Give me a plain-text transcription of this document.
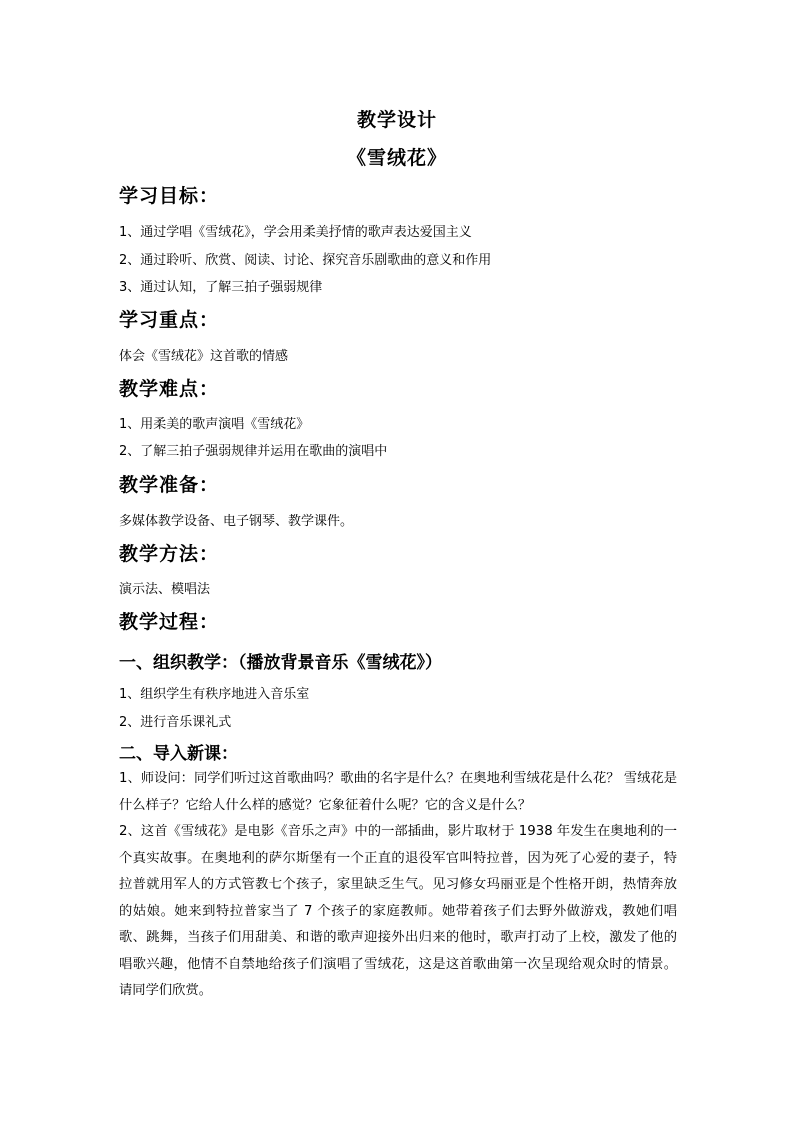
教学设计
《雪绒花》
学习目标：
1、通过学唱《雪绒花》，学会用柔美抒情的歌声表达爱国主义
2、通过聆听、欣赏、阅读、讨论、探究音乐剧歌曲的意义和作用
3、通过认知，了解三拍子强弱规律
学习重点：
体会《雪绒花》这首歌的情感
教学难点：
1、用柔美的歌声演唱《雪绒花》
2、了解三拍子强弱规律并运用在歌曲的演唱中
教学准备：
多媒体教学设备、电子钢琴、教学课件。
教学方法：
演示法、模唱法
教学过程：
一、组织教学：（播放背景音乐《雪绒花》）
1、组织学生有秩序地进入音乐室
2、进行音乐课礼式
二、导入新课：

1、师设问：同学们听过这首歌曲吗？歌曲的名字是什么？在奥地利雪绒花是什么花？ 雪绒花是什么样子？它给人什么样的感觉？它象征着什么呢？它的含义是什么？

2、这首《雪绒花》是电影《音乐之声》中的一部插曲，影片取材于 1938 年发生在奥地利的一个真实故事。在奥地利的萨尔斯堡有一个正直的退役军官叫特拉普，因为死了心爱的妻子，特拉普就用军人的方式管教七个孩子，家里缺乏生气。见习修女玛丽亚是个性格开朗，热情奔放的姑娘。她来到特拉普家当了 7 个孩子的家庭教师。她带着孩子们去野外做游戏，教她们唱歌、跳舞，当孩子们用甜美、和谐的歌声迎接外出归来的他时，歌声打动了上校，激发了他的唱歌兴趣，他情不自禁地给孩子们演唱了雪绒花，这是这首歌曲第一次呈现给观众时的情景。请同学们欣赏。
